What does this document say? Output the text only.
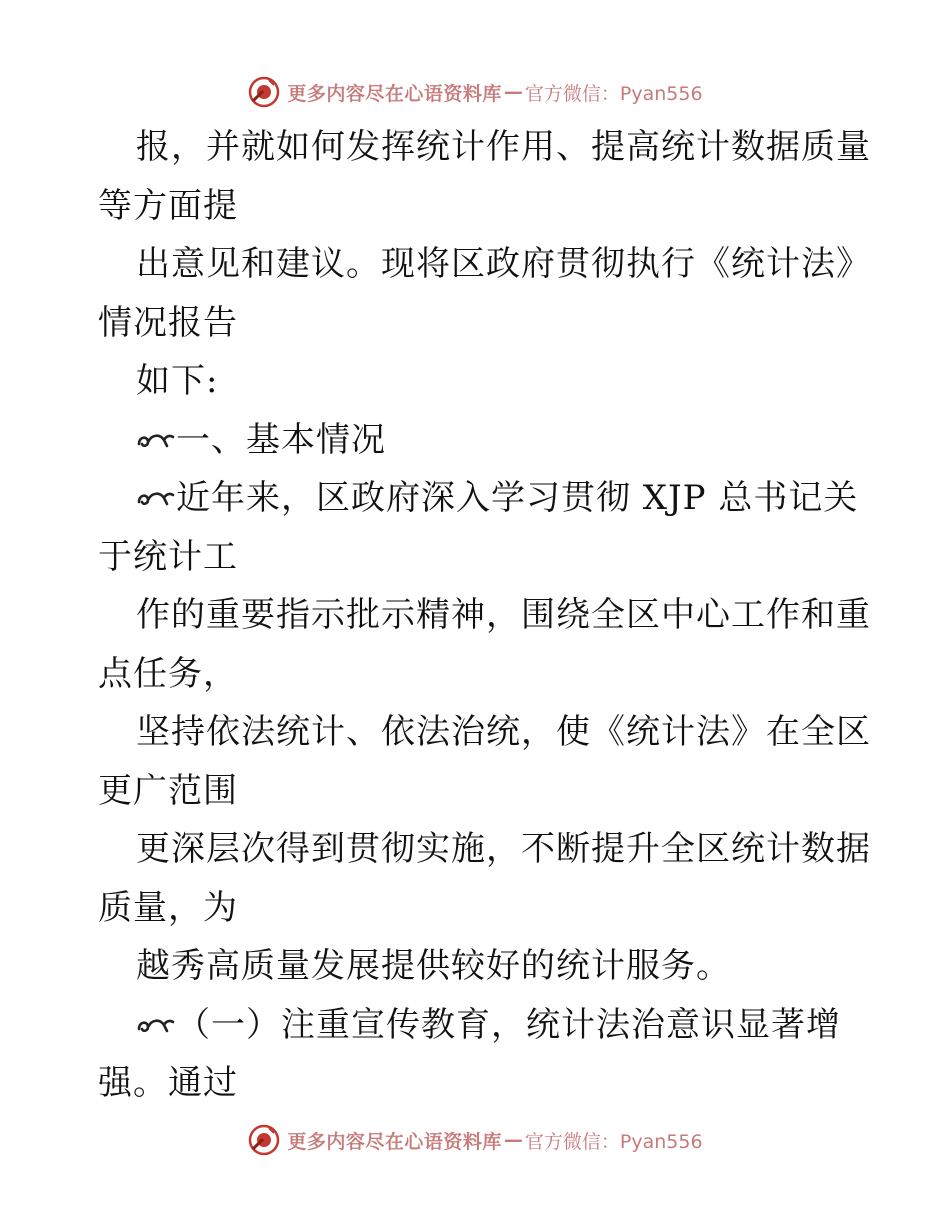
更多内容尽在心语资料库 — 官方微信：Pyan556
报，并就如何发挥统计作用、提高统计数据质量
等方面提
出意见和建议。现将区政府贯彻执行《统计法》
情况报告
如下:
一、基本情况
近年来，区政府深入学习贯彻 XJP 总书记关
于统计工
作的重要指示批示精神，围绕全区中心工作和重
点任务，
坚持依法统计、依法治统，使《统计法》在全区
更广范围
更深层次得到贯彻实施，不断提升全区统计数据
质量，为
越秀高质量发展提供较好的统计服务。
（一）注重宣传教育，统计法治意识显著增
强。通过
更多内容尽在心语资料库 — 官方微信：Pyan556
